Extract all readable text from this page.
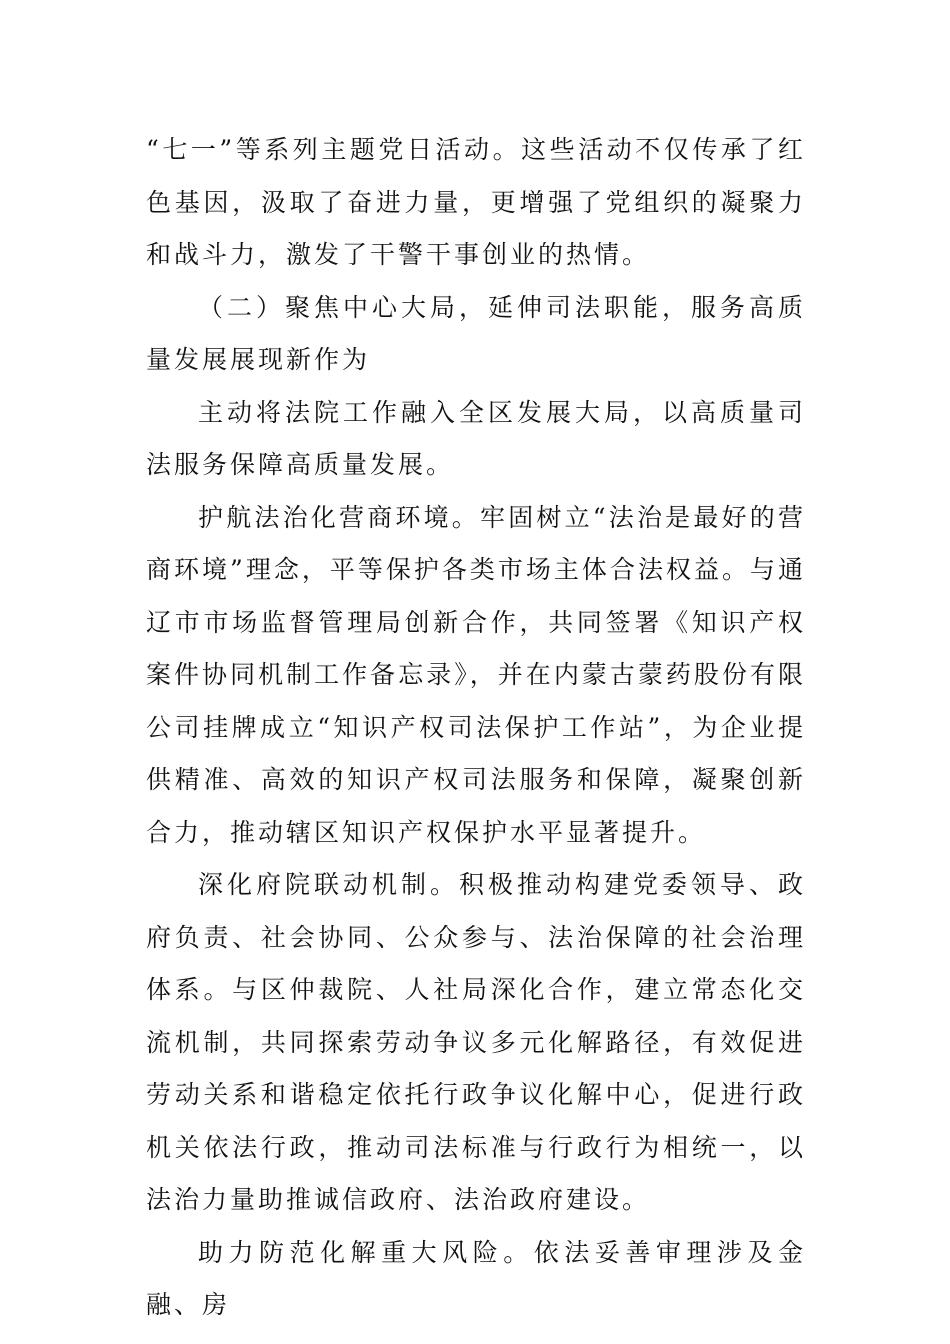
“七一”等系列主题党日活动。这些活动不仅传承了红色基因，汲取了奋进力量，更增强了党组织的凝聚力和战斗力，激发了干警干事创业的热情。

（二）聚焦中心大局，延伸司法职能，服务高质量发展展现新作为

主动将法院工作融入全区发展大局，以高质量司法服务保障高质量发展。

护航法治化营商环境。牢固树立“法治是最好的营商环境”理念，平等保护各类市场主体合法权益。与通辽市市场监督管理局创新合作，共同签署《知识产权案件协同机制工作备忘录》，并在内蒙古蒙药股份有限公司挂牌成立“知识产权司法保护工作站”，为企业提供精准、高效的知识产权司法服务和保障，凝聚创新合力，推动辖区知识产权保护水平显著提升。

深化府院联动机制。积极推动构建党委领导、政府负责、社会协同、公众参与、法治保障的社会治理体系。与区仲裁院、人社局深化合作，建立常态化交流机制，共同探索劳动争议多元化解路径，有效促进劳动关系和谐稳定依托行政争议化解中心，促进行政机关依法行政，推动司法标准与行政行为相统一，以法治力量助推诚信政府、法治政府建设。

助力防范化解重大风险。依法妥善审理涉及金融、房
